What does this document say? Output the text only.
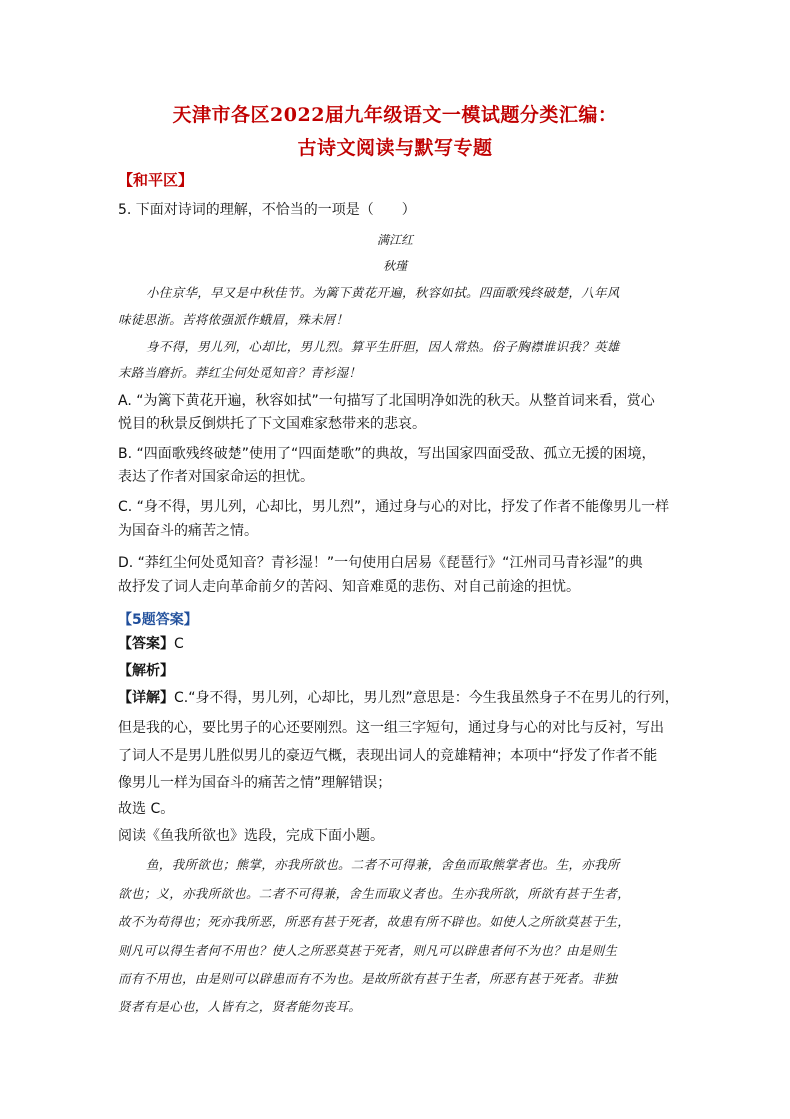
天津市各区2022届九年级语文一模试题分类汇编：
古诗文阅读与默写专题
【和平区】
5. 下面对诗词的理解，不恰当的一项是（　　）
满江红
秋瑾
小住京华，早又是中秋佳节。为篱下黄花开遍，秋容如拭。四面歌残终破楚，八年风
味徒思浙。苦将侬强派作蛾眉，殊未屑！
身不得，男儿列，心却比，男儿烈。算平生肝胆，因人常热。俗子胸襟谁识我？英雄
末路当磨折。莽红尘何处觅知音？青衫湿！
A. “为篱下黄花开遍，秋容如拭”一句描写了北国明净如洗的秋天。从整首词来看，赏心
悦目的秋景反倒烘托了下文国难家愁带来的悲哀。
B. “四面歌残终破楚”使用了“四面楚歌”的典故，写出国家四面受敌、孤立无援的困境，
表达了作者对国家命运的担忧。
C. “身不得，男儿列，心却比，男儿烈”，通过身与心的对比，抒发了作者不能像男儿一样
为国奋斗的痛苦之情。
D. “莽红尘何处觅知音？青衫湿！”一句使用白居易《琵琶行》“江州司马青衫湿”的典
故抒发了词人走向革命前夕的苦闷、知音难觅的悲伤、对自己前途的担忧。
【5题答案】
【答案】C
【解析】
【详解】C.“身不得，男儿列，心却比，男儿烈”意思是：今生我虽然身子不在男儿的行列，
但是我的心，要比男子的心还要刚烈。这一组三字短句，通过身与心的对比与反衬，写出
了词人不是男儿胜似男儿的豪迈气概，表现出词人的竞雄精神；本项中“抒发了作者不能
像男儿一样为国奋斗的痛苦之情”理解错误；
故选 C。
阅读《鱼我所欲也》选段，完成下面小题。
鱼，我所欲也；熊掌，亦我所欲也。二者不可得兼，舍鱼而取熊掌者也。生，亦我所
欲也；义，亦我所欲也。二者不可得兼，舍生而取义者也。生亦我所欲，所欲有甚于生者，
故不为苟得也；死亦我所恶，所恶有甚于死者，故患有所不辟也。如使人之所欲莫甚于生，
则凡可以得生者何不用也？使人之所恶莫甚于死者，则凡可以辟患者何不为也？由是则生
而有不用也，由是则可以辟患而有不为也。是故所欲有甚于生者，所恶有甚于死者。非独
贤者有是心也，人皆有之，贤者能勿丧耳。
